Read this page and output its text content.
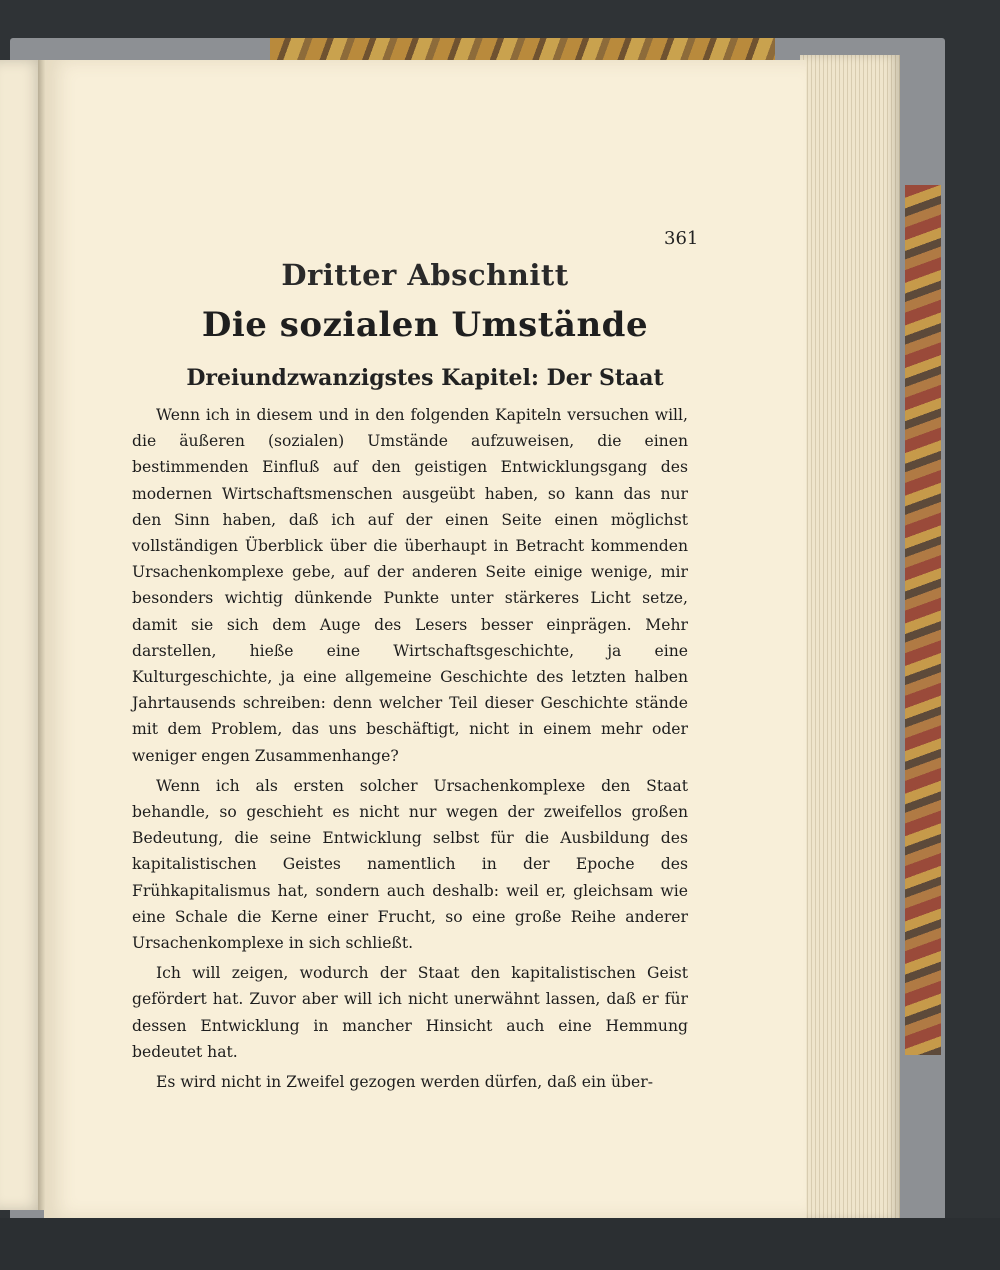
361
Dritter Abschnitt
Die sozialen Umstände
Dreiundzwanzigstes Kapitel: Der Staat

Wenn ich in diesem und in den folgenden Kapiteln versuchen will, die äußeren (sozialen) Umstände aufzuweisen, die einen bestimmenden Einfluß auf den geistigen Entwicklungsgang des modernen Wirtschaftsmenschen ausgeübt haben, so kann das nur den Sinn haben, daß ich auf der einen Seite einen möglichst vollständigen Überblick über die überhaupt in Betracht kommenden Ursachenkomplexe gebe, auf der anderen Seite einige wenige, mir besonders wichtig dünkende Punkte unter stärkeres Licht setze, damit sie sich dem Auge des Lesers besser einprägen. Mehr darstellen, hieße eine Wirtschaftsgeschichte, ja eine Kulturgeschichte, ja eine allgemeine Geschichte des letzten halben Jahrtausends schreiben: denn welcher Teil dieser Geschichte stände mit dem Problem, das uns beschäftigt, nicht in einem mehr oder weniger engen Zusammenhange?

Wenn ich als ersten solcher Ursachenkomplexe den Staat behandle, so geschieht es nicht nur wegen der zweifellos großen Bedeutung, die seine Entwicklung selbst für die Ausbildung des kapitalistischen Geistes namentlich in der Epoche des Frühkapitalismus hat, sondern auch deshalb: weil er, gleichsam wie eine Schale die Kerne einer Frucht, so eine große Reihe anderer Ursachenkomplexe in sich schließt.

Ich will zeigen, wodurch der Staat den kapitalistischen Geist gefördert hat. Zuvor aber will ich nicht unerwähnt lassen, daß er für dessen Entwicklung in mancher Hinsicht auch eine Hemmung bedeutet hat.

Es wird nicht in Zweifel gezogen werden dürfen, daß ein über-
